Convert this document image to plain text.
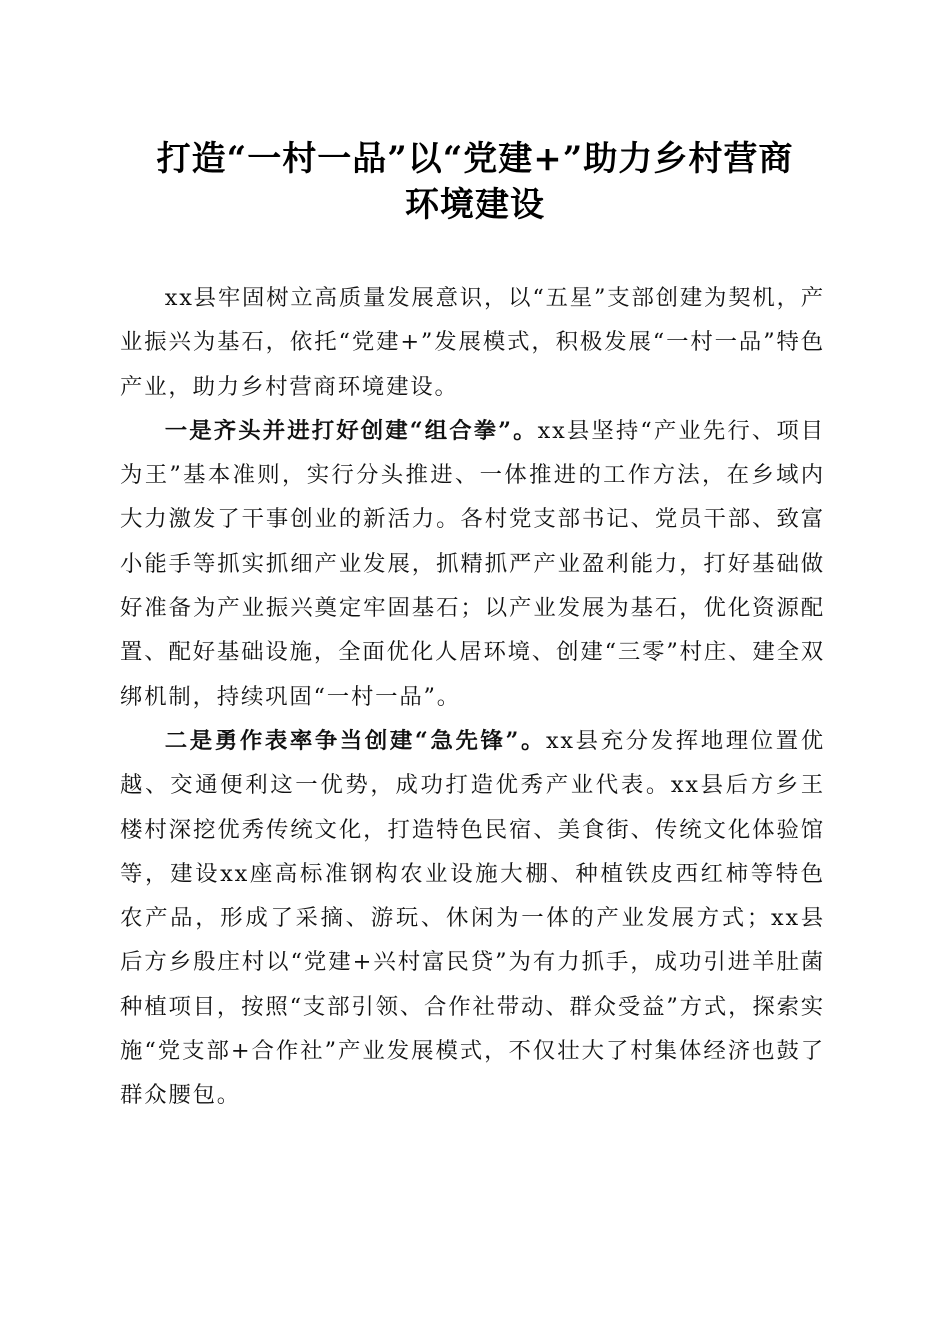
打造“一村一品”以“党建+”助力乡村营商
环境建设

xx县牢固树立高质量发展意识，以“五星”支部创建为契机，产业振兴为基石，依托“党建+”发展模式，积极发展“一村一品”特色产业，助力乡村营商环境建设。

一是齐头并进打好创建“组合拳”。xx县坚持“产业先行、项目为王”基本准则，实行分头推进、一体推进的工作方法，在乡域内大力激发了干事创业的新活力。各村党支部书记、党员干部、致富小能手等抓实抓细产业发展，抓精抓严产业盈利能力，打好基础做好准备为产业振兴奠定牢固基石；以产业发展为基石，优化资源配置、配好基础设施，全面优化人居环境、创建“三零”村庄、建全双绑机制，持续巩固“一村一品”。

二是勇作表率争当创建“急先锋”。xx县充分发挥地理位置优越、交通便利这一优势，成功打造优秀产业代表。xx县后方乡王楼村深挖优秀传统文化，打造特色民宿、美食街、传统文化体验馆等，建设xx座高标准钢构农业设施大棚、种植铁皮西红柿等特色农产品，形成了采摘、游玩、休闲为一体的产业发展方式；xx县后方乡殷庄村以“党建+兴村富民贷”为有力抓手，成功引进羊肚菌种植项目，按照“支部引领、合作社带动、群众受益”方式，探索实施“党支部+合作社”产业发展模式，不仅壮大了村集体经济也鼓了群众腰包。
